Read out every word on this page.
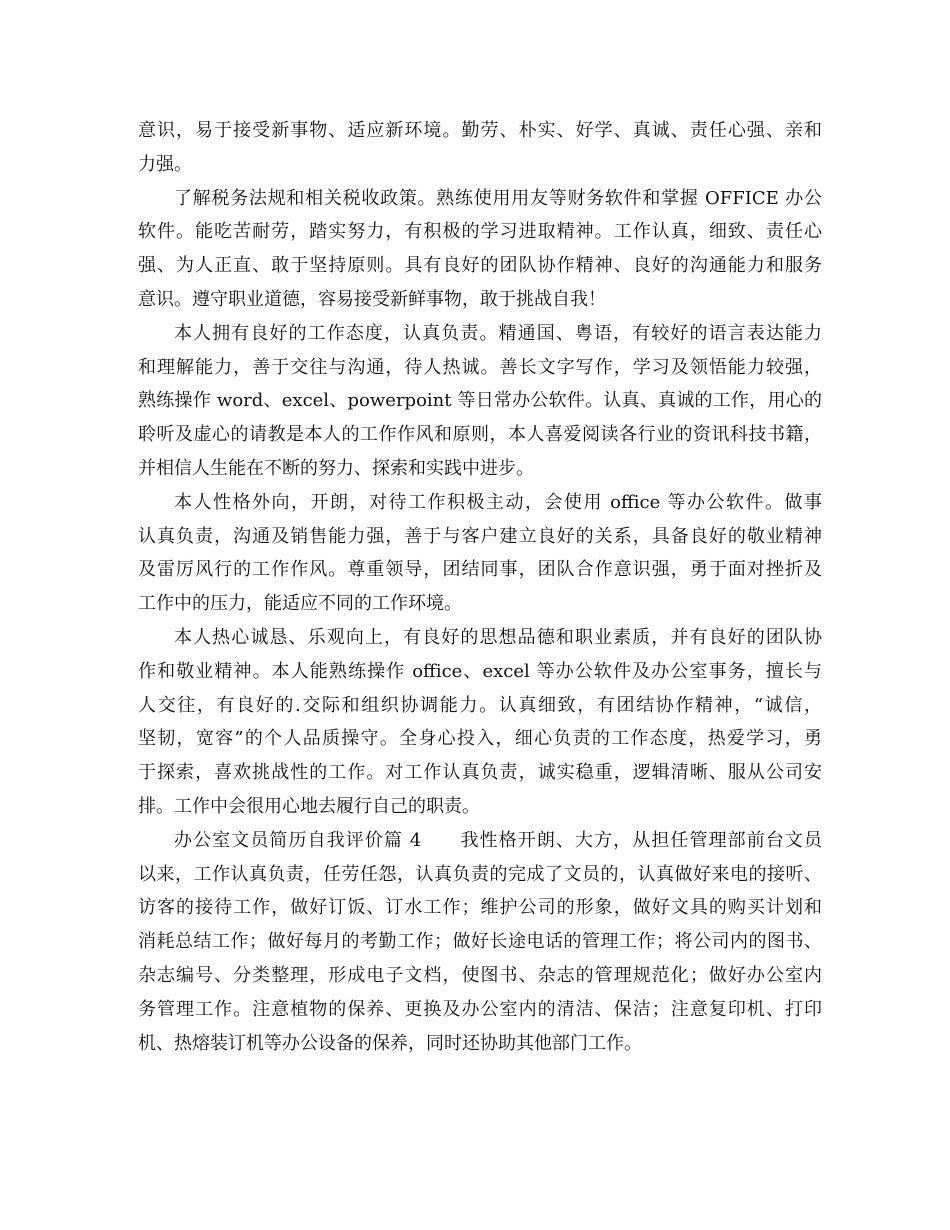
意识，易于接受新事物、适应新环境。勤劳、朴实、好学、真诚、责任心强、亲和
力强。
了解税务法规和相关税收政策。熟练使用用友等财务软件和掌握 OFFICE 办公
软件。能吃苦耐劳，踏实努力，有积极的学习进取精神。工作认真，细致、责任心
强、为人正直、敢于坚持原则。具有良好的团队协作精神、良好的沟通能力和服务
意识。遵守职业道德，容易接受新鲜事物，敢于挑战自我！
本人拥有良好的工作态度，认真负责。精通国、粤语，有较好的语言表达能力
和理解能力，善于交往与沟通，待人热诚。善长文字写作，学习及领悟能力较强，
熟练操作 word、excel、powerpoint 等日常办公软件。认真、真诚的工作，用心的
聆听及虚心的请教是本人的工作作风和原则，本人喜爱阅读各行业的资讯科技书籍，
并相信人生能在不断的努力、探索和实践中进步。
本人性格外向，开朗，对待工作积极主动，会使用 office 等办公软件。做事
认真负责，沟通及销售能力强，善于与客户建立良好的关系，具备良好的敬业精神
及雷厉风行的工作作风。尊重领导，团结同事，团队合作意识强，勇于面对挫折及
工作中的压力，能适应不同的工作环境。
本人热心诚恳、乐观向上，有良好的思想品德和职业素质，并有良好的团队协
作和敬业精神。本人能熟练操作 office、excel 等办公软件及办公室事务，擅长与
人交往，有良好的.交际和组织协调能力。认真细致，有团结协作精神，“诚信，
坚韧，宽容”的个人品质操守。全身心投入，细心负责的工作态度，热爱学习，勇
于探索，喜欢挑战性的工作。对工作认真负责，诚实稳重，逻辑清晰、服从公司安
排。工作中会很用心地去履行自己的职责。
办公室文员简历自我评价篇 4　　我性格开朗、大方，从担任管理部前台文员
以来，工作认真负责，任劳任怨，认真负责的完成了文员的，认真做好来电的接听、
访客的接待工作，做好订饭、订水工作；维护公司的形象，做好文具的购买计划和
消耗总结工作；做好每月的考勤工作；做好长途电话的管理工作；将公司内的图书、
杂志编号、分类整理，形成电子文档，使图书、杂志的管理规范化；做好办公室内
务管理工作。注意植物的保养、更换及办公室内的清洁、保洁；注意复印机、打印
机、热熔装订机等办公设备的保养，同时还协助其他部门工作。
